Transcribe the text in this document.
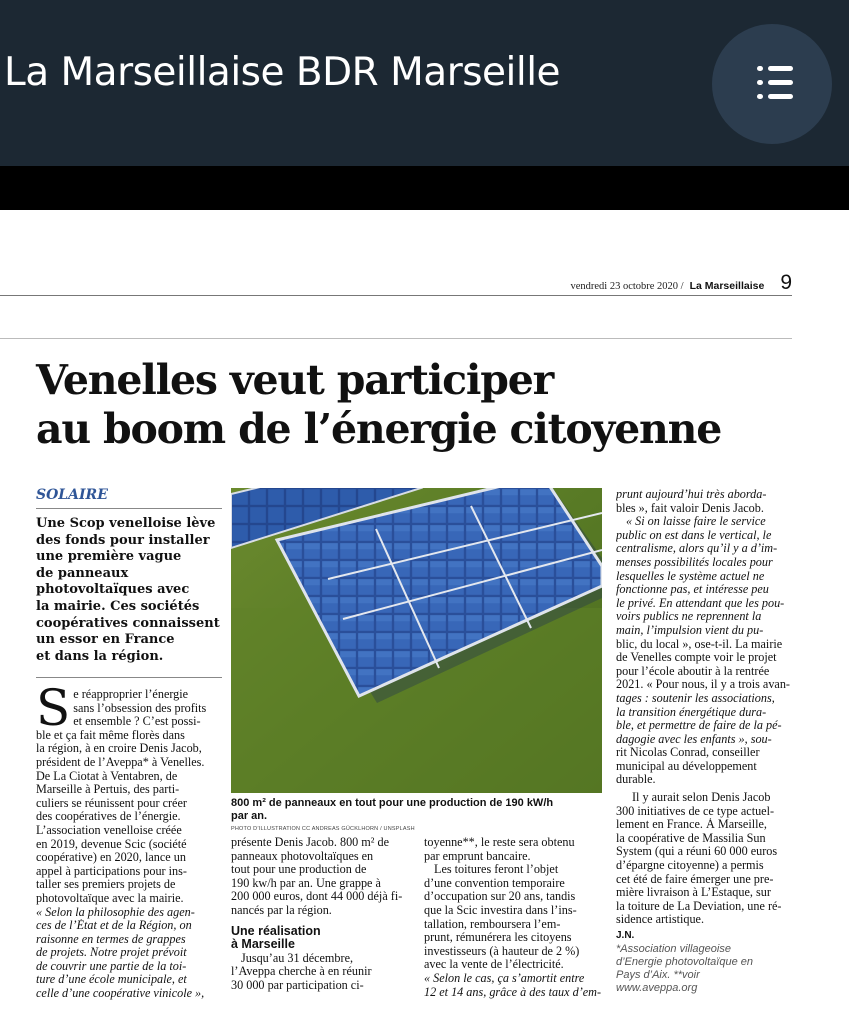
La Marseillaise BDR Marseille
vendredi 23 octobre 2020 / La Marseillaise 9
Venelles veut participer
au boom de l’énergie citoyenne
SOLAIRE
Une Scop venelloise lève
des fonds pour installer
une première vague
de panneaux
photovoltaïques avec
la mairie. Ces sociétés
coopératives connaissent
un essor en France
et dans la région.
S e réapproprier l’énergie
sans l’obsession des profits
et ensemble ? C’est possi-
ble et ça fait même florès dans
la région, à en croire Denis Jacob,
président de l’Aveppa* à Venelles.
De La Ciotat à Ventabren, de
Marseille à Pertuis, des parti-
culiers se réunissent pour créer
des coopératives de l’énergie.
L’association venelloise créée
en 2019, devenue Scic (société
coopérative) en 2020, lance un
appel à participations pour ins-
taller ses premiers projets de
photovoltaïque avec la mairie.
« Selon la philosophie des agen-
ces de l’État et de la Région, on
raisonne en termes de grappes
de projets. Notre projet prévoit
de couvrir une partie de la toi-
ture d’une école municipale, et
celle d’une coopérative vinicole »,
800 m² de panneaux en tout pour une production de 190 kW/h
par an.
PHOTO D’ILLUSTRATION CC ANDREAS GÜCKLHORN / UNSPLASH
présente Denis Jacob. 800 m² de
panneaux photovoltaïques en
tout pour une production de
190 kw/h par an. Une grappe à
200 000 euros, dont 44 000 déjà fi-
nancés par la région.
Une réalisation
à Marseille
Jusqu’au 31 décembre,
l’Aveppa cherche à en réunir
30 000 par participation ci-
toyenne**, le reste sera obtenu
par emprunt bancaire.
Les toitures feront l’objet
d’une convention temporaire
d’occupation sur 20 ans, tandis
que la Scic investira dans l’ins-
tallation, remboursera l’em-
prunt, rémunérera les citoyens
investisseurs (à hauteur de 2 %)
avec la vente de l’électricité.
« Selon le cas, ça s’amortit entre
12 et 14 ans, grâce à des taux d’em-
prunt aujourd’hui très aborda-
bles », fait valoir Denis Jacob.
« Si on laisse faire le service
public on est dans le vertical, le
centralisme, alors qu’il y a d’im-
menses possibilités locales pour
lesquelles le système actuel ne
fonctionne pas, et intéresse peu
le privé. En attendant que les pou-
voirs publics ne reprennent la
main, l’impulsion vient du pu-
blic, du local », ose-t-il. La mairie
de Venelles compte voir le projet
pour l’école aboutir à la rentrée
2021. « Pour nous, il y a trois avan-
tages : soutenir les associations,
la transition énergétique dura-
ble, et permettre de faire de la pé-
dagogie avec les enfants », sou-
rit Nicolas Conrad, conseiller
municipal au développement
durable.
Il y aurait selon Denis Jacob
300 initiatives de ce type actuel-
lement en France. À Marseille,
la coopérative de Massilia Sun
System (qui a réuni 60 000 euros
d’épargne citoyenne) a permis
cet été de faire émerger une pre-
mière livraison à L’Estaque, sur
la toiture de La Deviation, une ré-
sidence artistique.
J.N.
*Association villageoise
d’Energie photovoltaïque en
Pays d’Aix. **voir
www.aveppa.org
